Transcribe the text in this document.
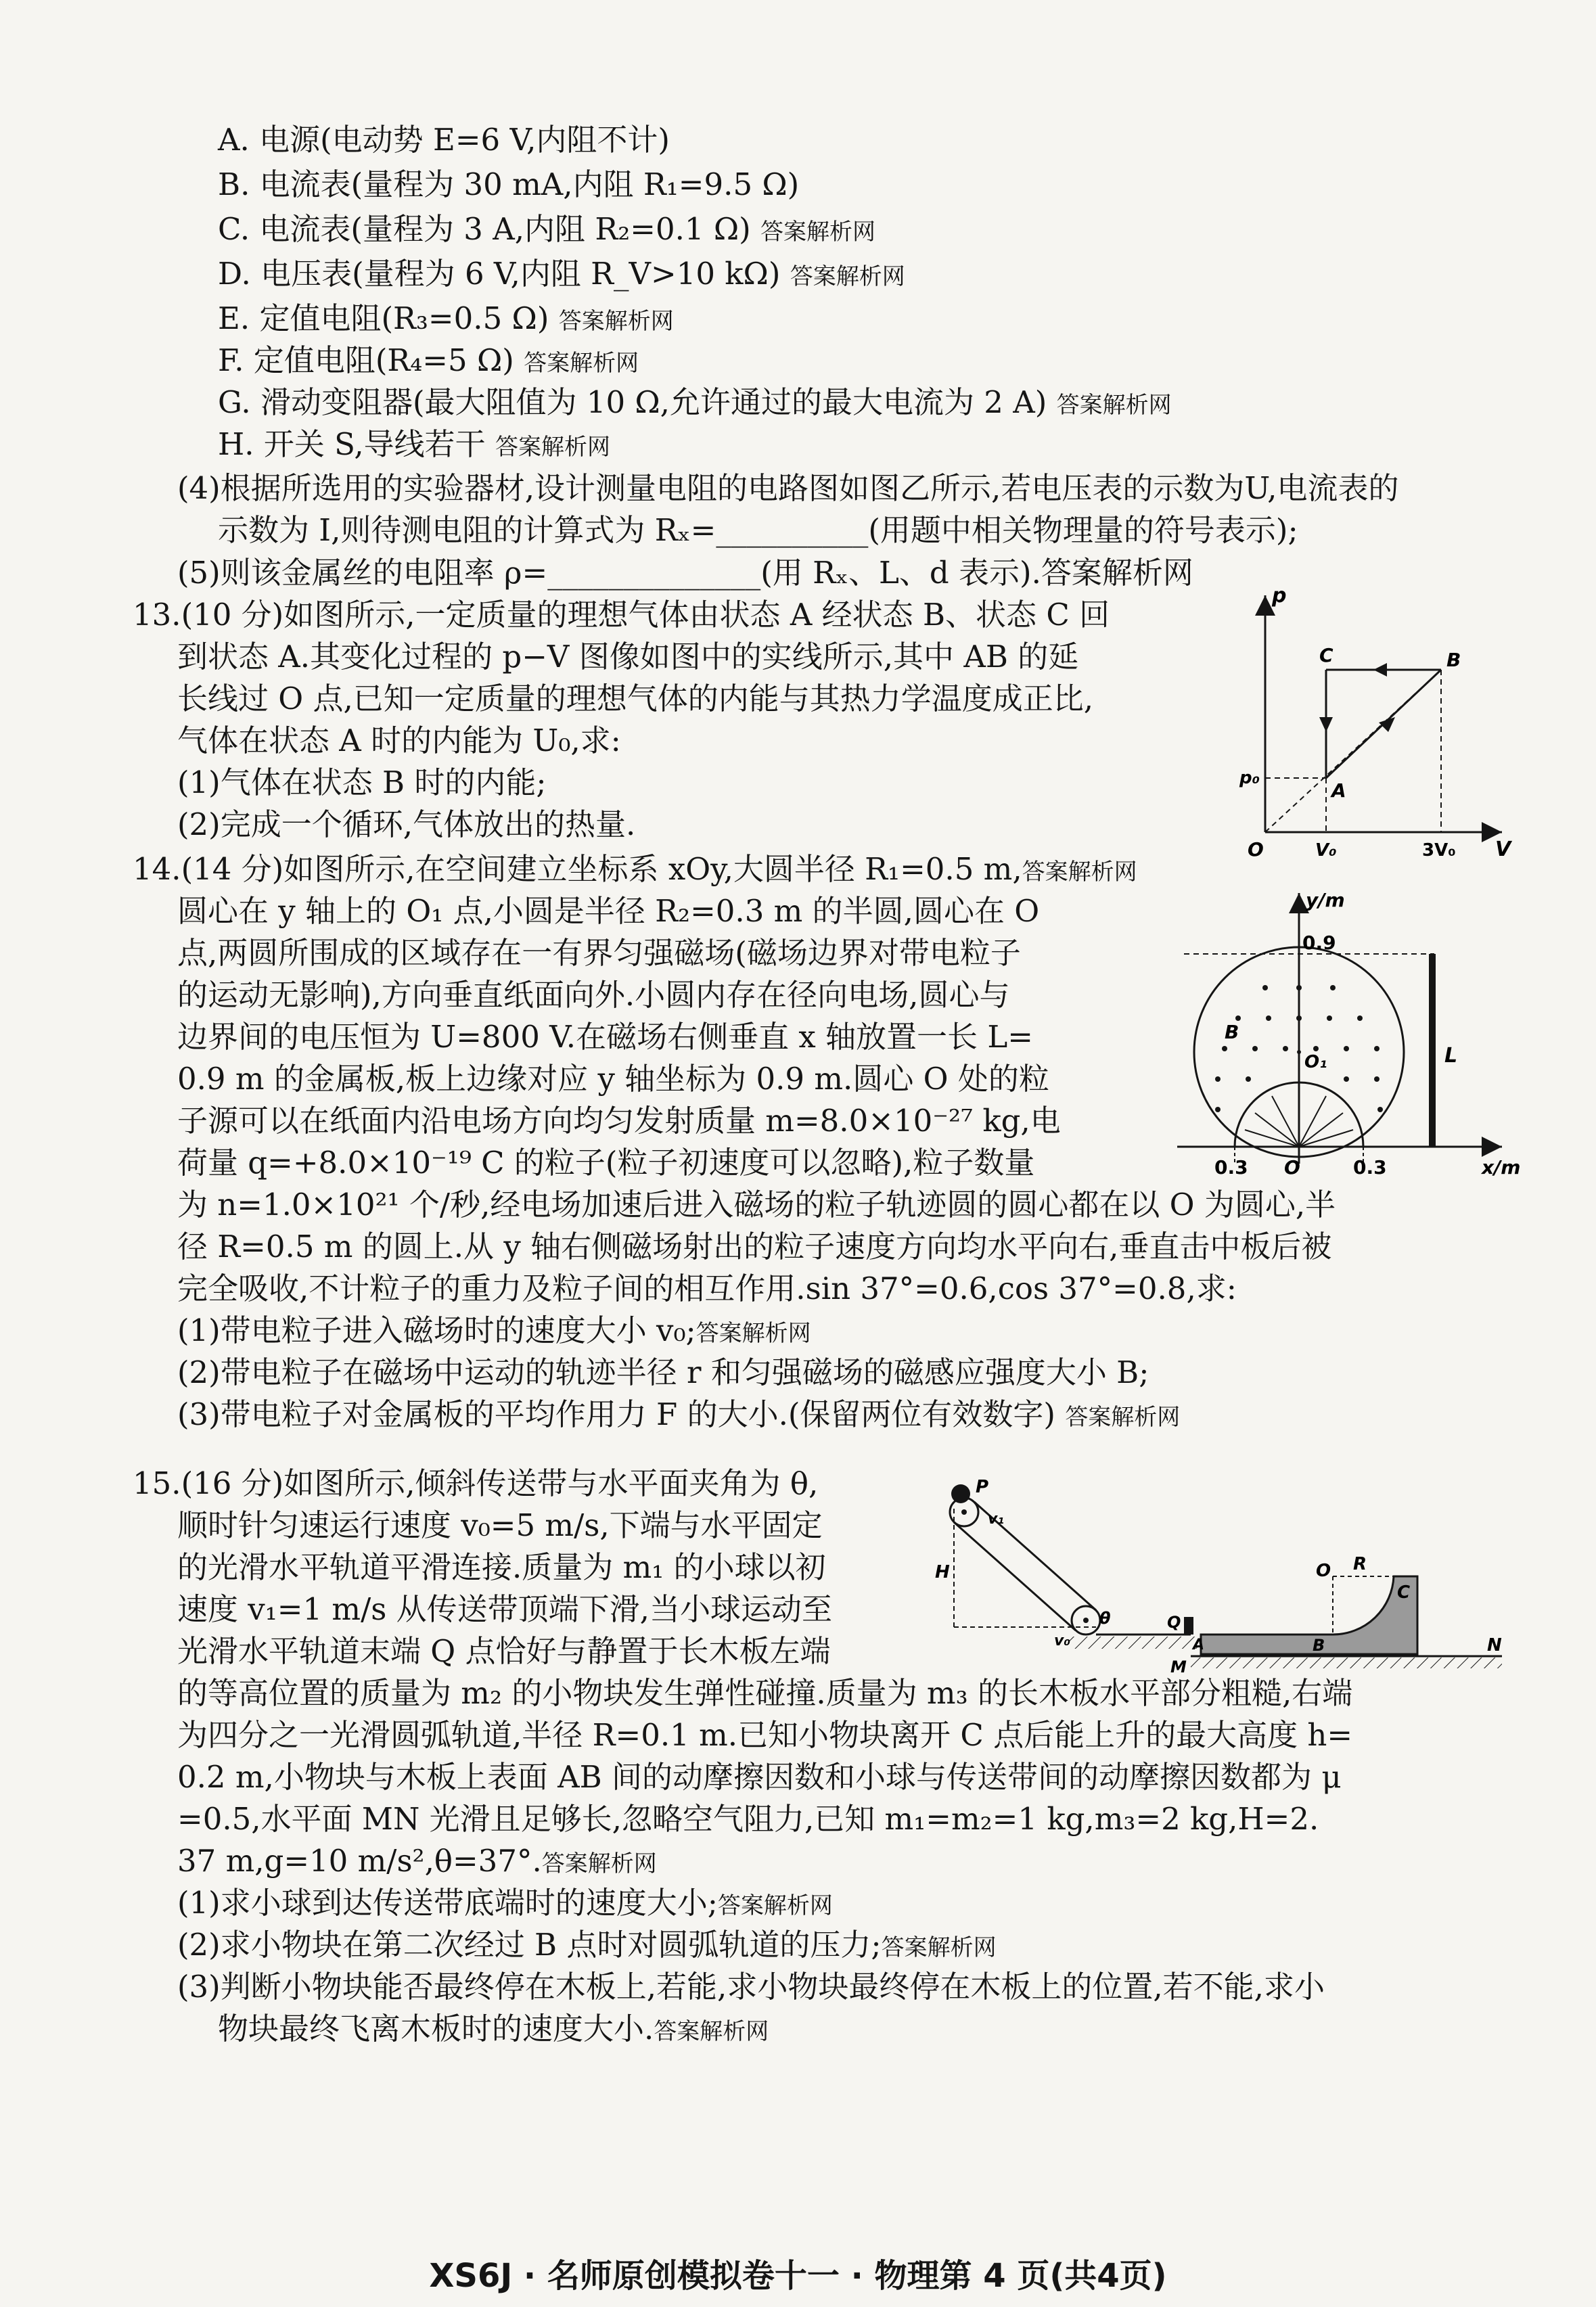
A. 电源(电动势 E=6 V,内阻不计)
B. 电流表(量程为 30 mA,内阻 R₁=9.5 Ω)
C. 电流表(量程为 3 A,内阻 R₂=0.1 Ω) 答案解析网
D. 电压表(量程为 6 V,内阻 R_V>10 kΩ) 答案解析网
E. 定值电阻(R₃=0.5 Ω) 答案解析网
F. 定值电阻(R₄=5 Ω) 答案解析网
G. 滑动变阻器(最大阻值为 10 Ω,允许通过的最大电流为 2 A) 答案解析网
H. 开关 S,导线若干 答案解析网
(4)根据所选用的实验器材,设计测量电阻的电路图如图乙所示,若电压表的示数为U,电流表的
示数为 I,则待测电阻的计算式为 Rₓ=__________(用题中相关物理量的符号表示);
(5)则该金属丝的电阻率 ρ=______________(用 Rₓ、L、d 表示).答案解析网
13.(10 分)如图所示,一定质量的理想气体由状态 A 经状态 B、状态 C 回
到状态 A.其变化过程的 p−V 图像如图中的实线所示,其中 AB 的延
长线过 O 点,已知一定质量的理想气体的内能与其热力学温度成正比,
气体在状态 A 时的内能为 U₀,求:
(1)气体在状态 B 时的内能;
(2)完成一个循环,气体放出的热量.
p
V
O
A
B
C
p₀
V₀	3V₀
14.(14 分)如图所示,在空间建立坐标系 xOy,大圆半径 R₁=0.5 m,答案解析网
圆心在 y 轴上的 O₁ 点,小圆是半径 R₂=0.3 m 的半圆,圆心在 O
点,两圆所围成的区域存在一有界匀强磁场(磁场边界对带电粒子
的运动无影响),方向垂直纸面向外.小圆内存在径向电场,圆心与
边界间的电压恒为 U=800 V.在磁场右侧垂直 x 轴放置一长 L=
0.9 m 的金属板,板上边缘对应 y 轴坐标为 0.9 m.圆心 O 处的粒
子源可以在纸面内沿电场方向均匀发射质量 m=8.0×10⁻²⁷ kg,电
荷量 q=+8.0×10⁻¹⁹ C 的粒子(粒子初速度可以忽略),粒子数量
为 n=1.0×10²¹ 个/秒,经电场加速后进入磁场的粒子轨迹圆的圆心都在以 O 为圆心,半
径 R=0.5 m 的圆上.从 y 轴右侧磁场射出的粒子速度方向均水平向右,垂直击中板后被
完全吸收,不计粒子的重力及粒子间的相互作用.sin 37°=0.6,cos 37°=0.8,求:
(1)带电粒子进入磁场时的速度大小 v₀;答案解析网
(2)带电粒子在磁场中运动的轨迹半径 r 和匀强磁场的磁感应强度大小 B;
(3)带电粒子对金属板的平均作用力 F 的大小.(保留两位有效数字) 答案解析网
y/m
x/m
0.9
0.3	0.3
O
O₁
B
L
15.(16 分)如图所示,倾斜传送带与水平面夹角为 θ,
顺时针匀速运行速度 v₀=5 m/s,下端与水平固定
的光滑水平轨道平滑连接.质量为 m₁ 的小球以初
速度 v₁=1 m/s 从传送带顶端下滑,当小球运动至
光滑水平轨道末端 Q 点恰好与静置于长木板左端
的等高位置的质量为 m₂ 的小物块发生弹性碰撞.质量为 m₃ 的长木板水平部分粗糙,右端
为四分之一光滑圆弧轨道,半径 R=0.1 m.已知小物块离开 C 点后能上升的最大高度 h=
0.2 m,小物块与木板上表面 AB 间的动摩擦因数和小球与传送带间的动摩擦因数都为 μ
=0.5,水平面 MN 光滑且足够长,忽略空气阻力,已知 m₁=m₂=1 kg,m₃=2 kg,H=2.
37 m,g=10 m/s²,θ=37°.答案解析网
(1)求小球到达传送带底端时的速度大小;答案解析网
(2)求小物块在第二次经过 B 点时对圆弧轨道的压力;答案解析网
(3)判断小物块能否最终停在木板上,若能,求小物块最终停在木板上的位置,若不能,求小
物块最终飞离木板时的速度大小.答案解析网
P
v₁
H
θ	Q
v₀	A
M
B
C
R
O
N
XS6J · 名师原创模拟卷十一 · 物理第 4 页(共4页)
